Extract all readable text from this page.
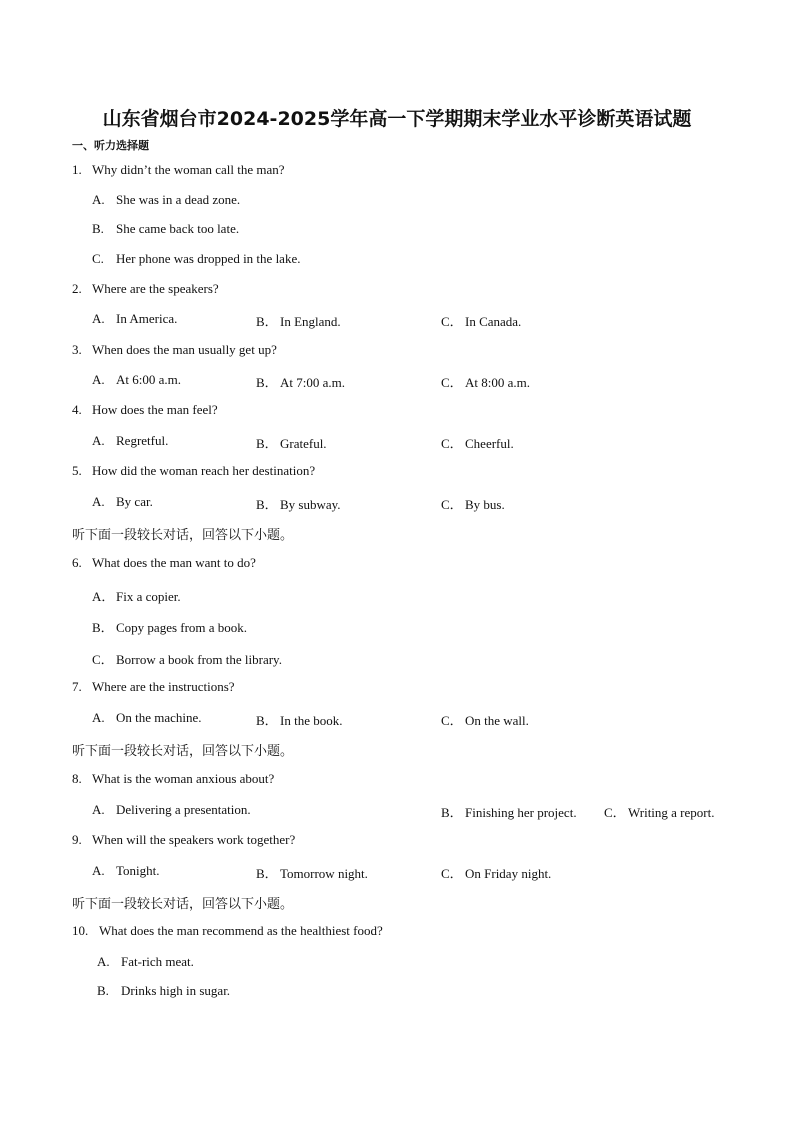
山东省烟台市2024-2025学年高一下学期期末学业水平诊断英语试题
一、听力选择题
1. Why didn’t the woman call the man?
A. She was in a dead zone.
B. She came back too late.
C. Her phone was dropped in the lake.
2. Where are the speakers?
A. In America.	B． In England.	C． In Canada.
3. When does the man usually get up?
A. At 6:00 a.m.	B． At 7:00 a.m.	C． At 8:00 a.m.
4. How does the man feel?
A. Regretful.	B． Grateful.	C． Cheerful.
5. How did the woman reach her destination?
A. By car.	B． By subway.	C． By bus.
听下面一段较长对话，回答以下小题。
6. What does the man want to do?
A． Fix a copier.
B． Copy pages from a book.
C． Borrow a book from the library.
7. Where are the instructions?
A. On the machine.	B． In the book.	C． On the wall.
听下面一段较长对话，回答以下小题。
8. What is the woman anxious about?
A. Delivering a presentation.	B． Finishing her project. C． Writing a report.
9. When will the speakers work together?
A. Tonight.	B． Tomorrow night.	C． On Friday night.
听下面一段较长对话，回答以下小题。
10. What does the man recommend as the healthiest food?
A. Fat-rich meat.
B. Drinks high in sugar.
